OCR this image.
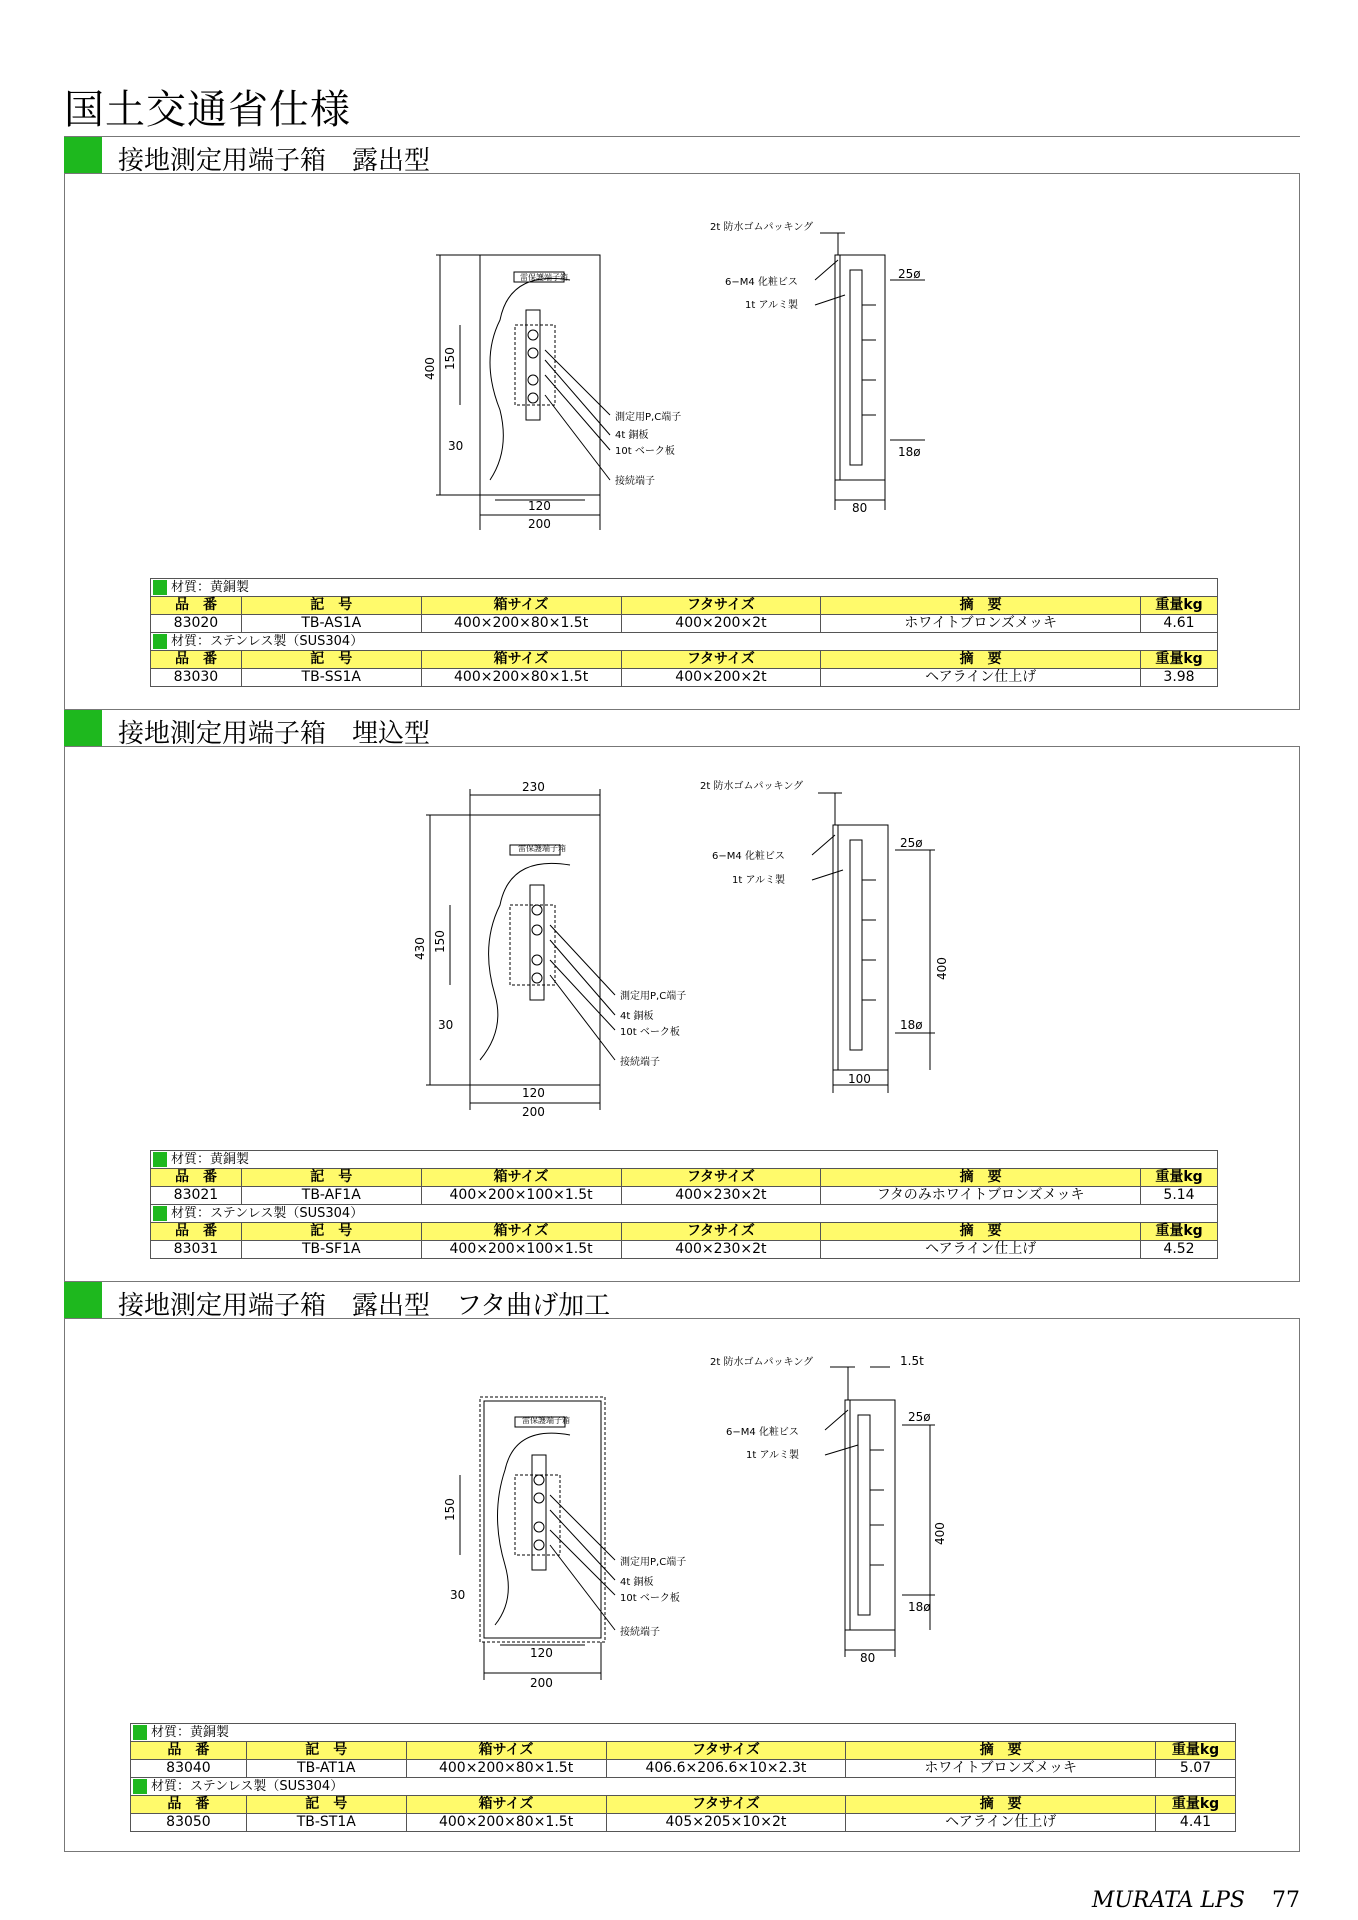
国土交通省仕様
接地測定用端子箱　露出型
雷保護端子箱
400 150
30
120
200
測定用P,C端子
4t 銅板
10t ベーク板
接続端子
2t 防水ゴムパッキング
6−M4 化粧ビス
1t アルミ製
25ø
18ø
80
材質：黄銅製					
品　番	記　号	箱サイズ	フタサイズ	摘　要	重量kg
83020	TB-AS1A	400×200×80×1.5t	400×200×2t	ホワイトブロンズメッキ	4.61
材質：ステンレス製（SUS304）					
品　番	記　号	箱サイズ	フタサイズ	摘　要	重量kg
83030	TB-SS1A	400×200×80×1.5t	400×200×2t	ヘアライン仕上げ	3.98
接地測定用端子箱　埋込型
雷保護端子箱
430 150
30
230
120
200
測定用P,C端子
4t 銅板
10t ベーク板
接続端子
2t 防水ゴムパッキング
6−M4 化粧ビス
1t アルミ製
25ø
18ø
400
100
材質：黄銅製					
品　番	記　号	箱サイズ	フタサイズ	摘　要	重量kg
83021	TB-AF1A	400×200×100×1.5t	400×230×2t	フタのみホワイトブロンズメッキ	5.14
材質：ステンレス製（SUS304）					
品　番	記　号	箱サイズ	フタサイズ	摘　要	重量kg
83031	TB-SF1A	400×200×100×1.5t	400×230×2t	ヘアライン仕上げ	4.52
接地測定用端子箱　露出型　フタ曲げ加工
雷保護端子箱
150
30
120
200
測定用P,C端子
4t 銅板
10t ベーク板
接続端子
2t 防水ゴムパッキング	1.5t
6−M4 化粧ビス
1t アルミ製
25ø
18ø
400
80
材質：黄銅製					
品　番	記　号	箱サイズ	フタサイズ	摘　要	重量kg
83040	TB-AT1A	400×200×80×1.5t	406.6×206.6×10×2.3t	ホワイトブロンズメッキ	5.07
材質：ステンレス製（SUS304）					
品　番	記　号	箱サイズ	フタサイズ	摘　要	重量kg
83050	TB-ST1A	400×200×80×1.5t	405×205×10×2t	ヘアライン仕上げ	4.41
MURATA LPS 77
